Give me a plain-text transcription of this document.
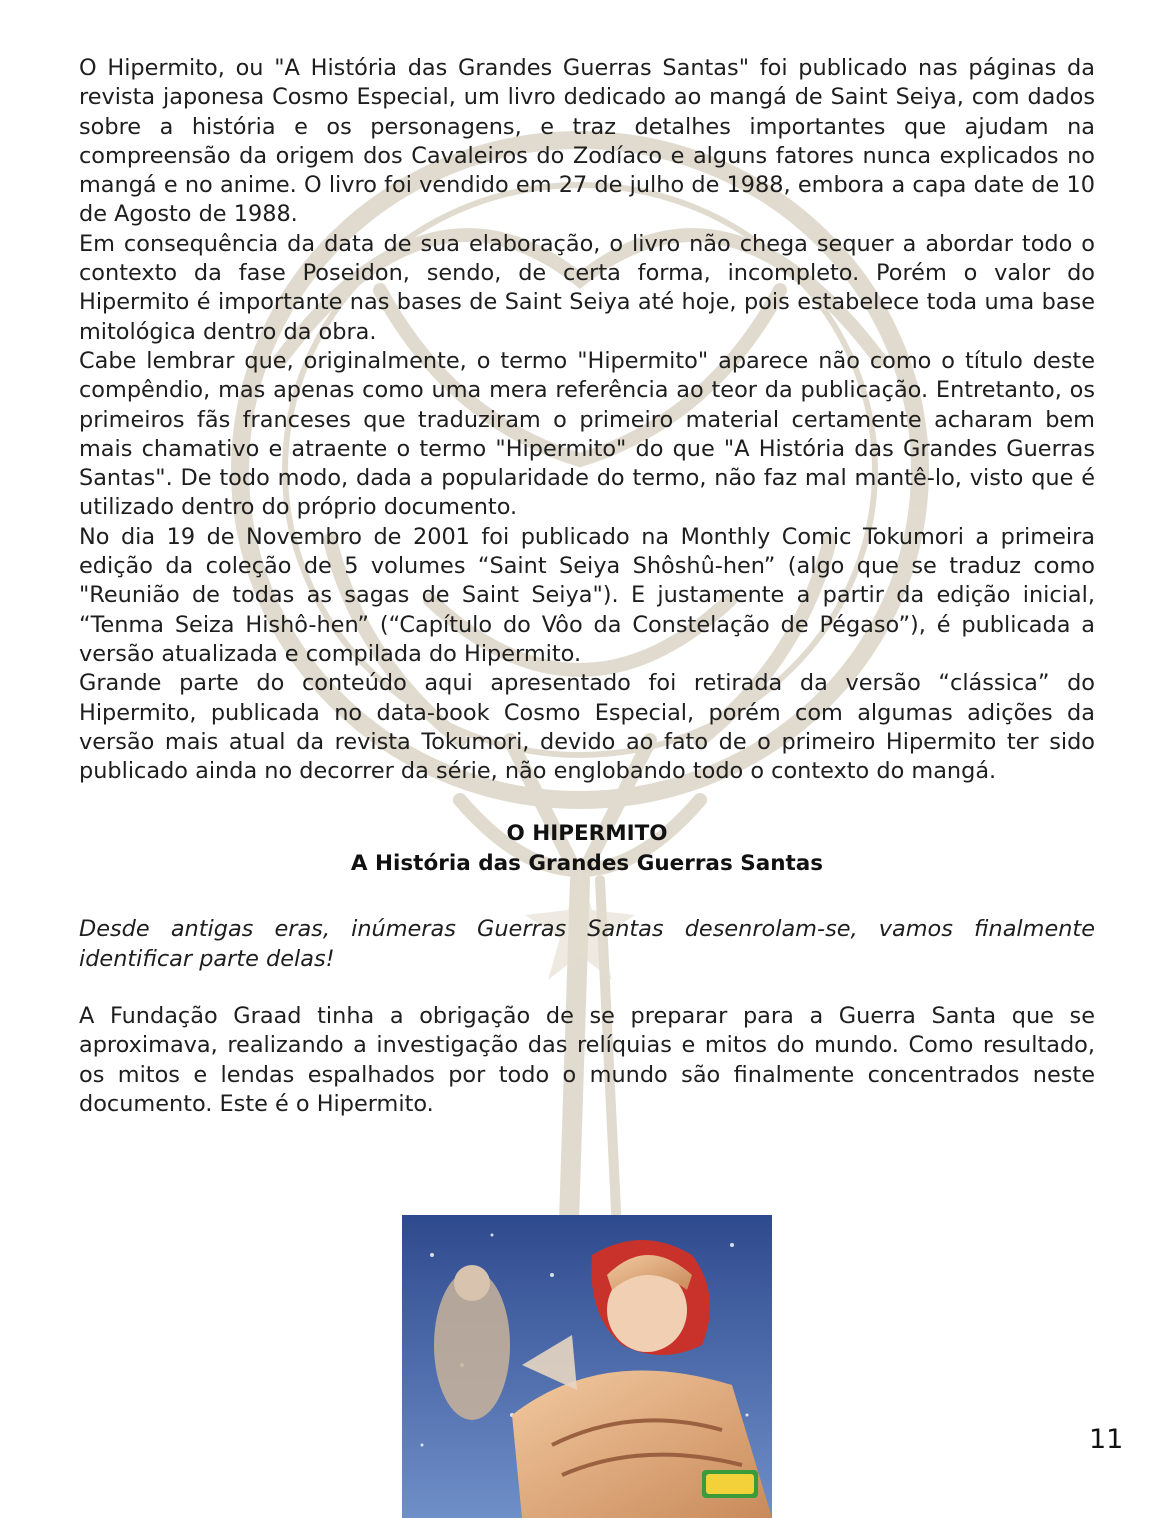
O Hipermito, ou "A História das Grandes Guerras Santas" foi publicado nas páginas da revista japonesa Cosmo Especial, um livro dedicado ao mangá de Saint Seiya, com dados sobre a história e os personagens, e traz detalhes importantes que ajudam na compreensão da origem dos Cavaleiros do Zodíaco e alguns fatores nunca explicados no mangá e no anime. O livro foi vendido em 27 de julho de 1988, embora a capa date de 10 de Agosto de 1988.

Em consequência da data de sua elaboração, o livro não chega sequer a abordar todo o contexto da fase Poseidon, sendo, de certa forma, incompleto. Porém o valor do Hipermito é importante nas bases de Saint Seiya até hoje, pois estabelece toda uma base mitológica dentro da obra.

Cabe lembrar que, originalmente, o termo "Hipermito" aparece não como o título deste compêndio, mas apenas como uma mera referência ao teor da publicação. Entretanto, os primeiros fãs franceses que traduziram o primeiro material certamente acharam bem mais chamativo e atraente o termo "Hipermito" do que "A História das Grandes Guerras Santas". De todo modo, dada a popularidade do termo, não faz mal mantê-lo, visto que é utilizado dentro do próprio documento.

No dia 19 de Novembro de 2001 foi publicado na Monthly Comic Tokumori a primeira edição da coleção de 5 volumes “Saint Seiya Shôshû-hen” (algo que se traduz como "Reunião de todas as sagas de Saint Seiya"). E justamente a partir da edição inicial, “Tenma Seiza Hishô-hen” (“Capítulo do Vôo da Constelação de Pégaso”), é publicada a versão atualizada e compilada do Hipermito.

Grande parte do conteúdo aqui apresentado foi retirada da versão “clássica” do Hipermito, publicada no data-book Cosmo Especial, porém com algumas adições da versão mais atual da revista Tokumori, devido ao fato de o primeiro Hipermito ter sido publicado ainda no decorrer da série, não englobando todo o contexto do mangá.

O HIPERMITO

A História das Grandes Guerras Santas

Desde antigas eras, inúmeras Guerras Santas desenrolam-se, vamos finalmente identificar parte delas!

A Fundação Graad tinha a obrigação de se preparar para a Guerra Santa que se aproximava, realizando a investigação das relíquias e mitos do mundo. Como resultado, os mitos e lendas espalhados por todo o mundo são finalmente concentrados neste documento. Este é o Hipermito.

11
